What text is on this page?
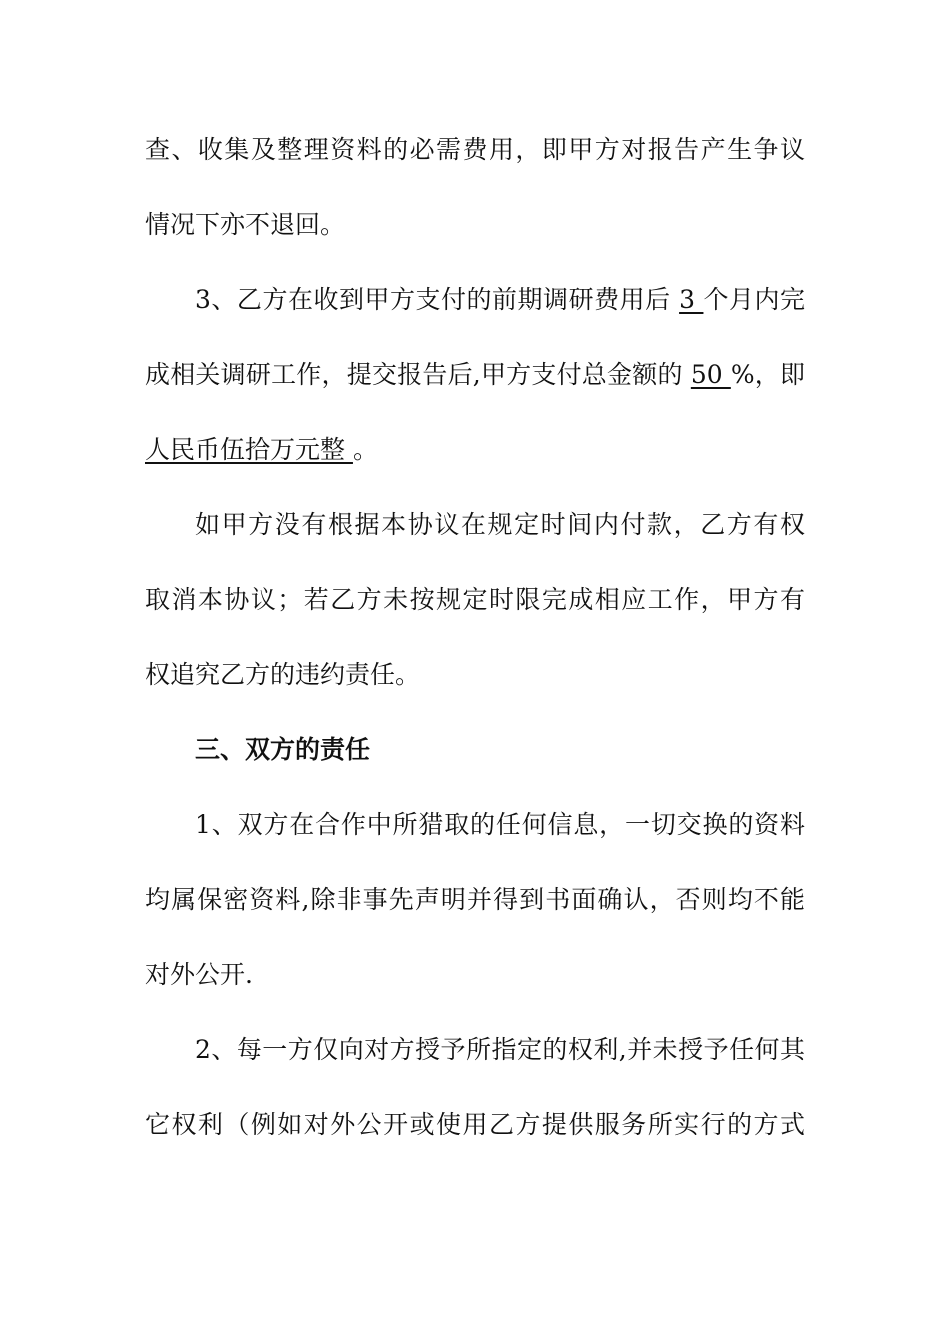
查、收集及整理资料的必需费用，即甲方对报告产生争议
情况下亦不退回。
3、乙方在收到甲方支付的前期调研费用后 3 个月内完
成相关调研工作，提交报告后,甲方支付总金额的 50 %，即
人民币伍拾万元整 。
如甲方没有根据本协议在规定时间内付款，乙方有权
取消本协议；若乙方未按规定时限完成相应工作，甲方有
权追究乙方的违约责任。
三、双方的责任
1、双方在合作中所猎取的任何信息，一切交换的资料
均属保密资料,除非事先声明并得到书面确认，否则均不能
对外公开.
2、每一方仅向对方授予所指定的权利,并未授予任何其
它权利（例如对外公开或使用乙方提供服务所实行的方式
